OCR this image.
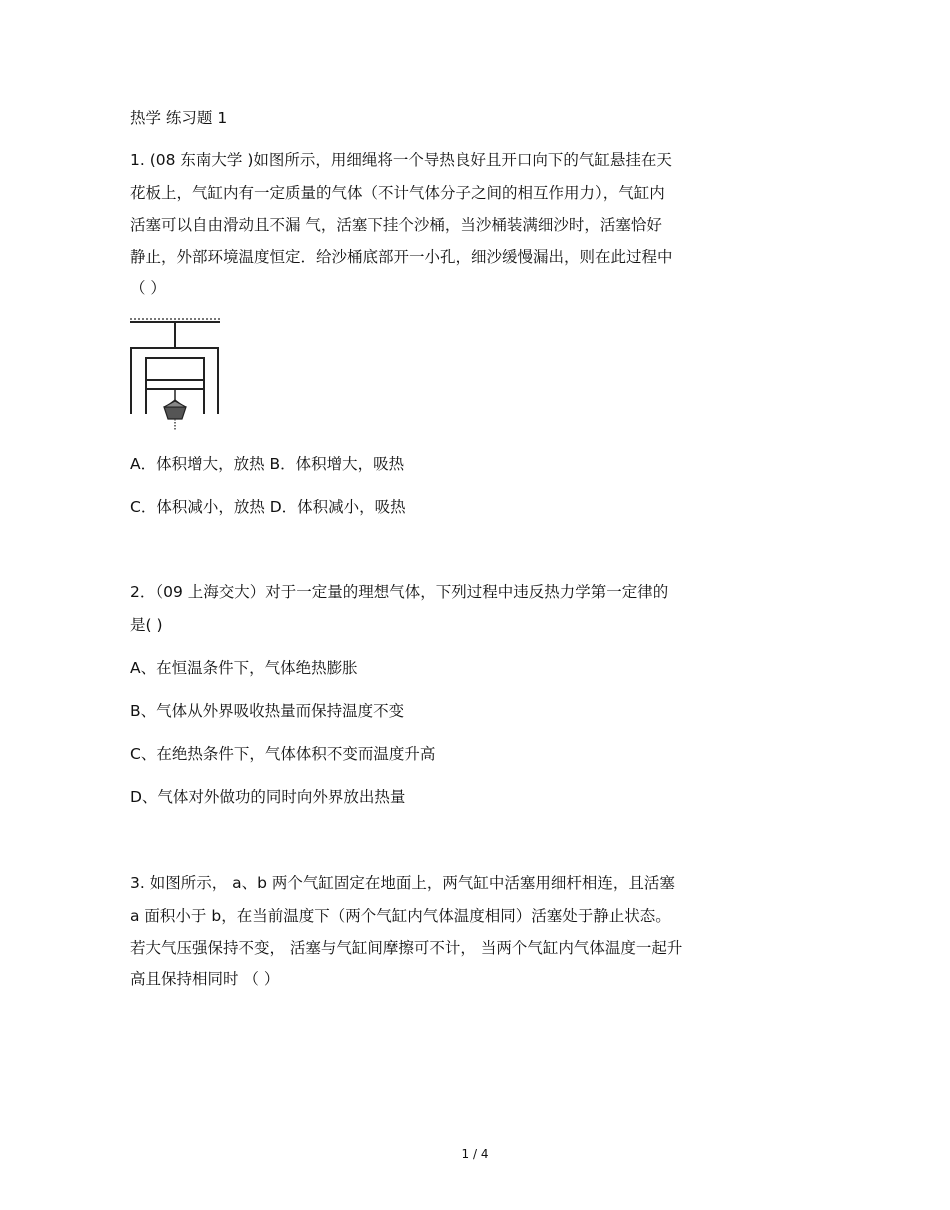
热学 练习题 1
1. (08 东南大学 )如图所示，用细绳将一个导热良好且开口向下的气缸悬挂在天
花板上，气缸内有一定质量的气体（不计气体分子之间的相互作用力），气缸内
活塞可以自由滑动且不漏 气，活塞下挂个沙桶，当沙桶装满细沙时，活塞恰好
静止，外部环境温度恒定．给沙桶底部开一小孔，细沙缓慢漏出，则在此过程中
（ ）
A．体积增大，放热 B．体积增大，吸热
C．体积减小，放热 D．体积减小，吸热
2．（09 上海交大）对于一定量的理想气体，下列过程中违反热力学第一定律的
是( )
A、在恒温条件下，气体绝热膨胀
B、气体从外界吸收热量而保持温度不变
C、在绝热条件下，气体体积不变而温度升高
D、气体对外做功的同时向外界放出热量
3. 如图所示， a、b 两个气缸固定在地面上，两气缸中活塞用细杆相连，且活塞
a 面积小于 b，在当前温度下（两个气缸内气体温度相同）活塞处于静止状态。
若大气压强保持不变， 活塞与气缸间摩擦可不计， 当两个气缸内气体温度一起升
高且保持相同时 （ ）
1 / 4
